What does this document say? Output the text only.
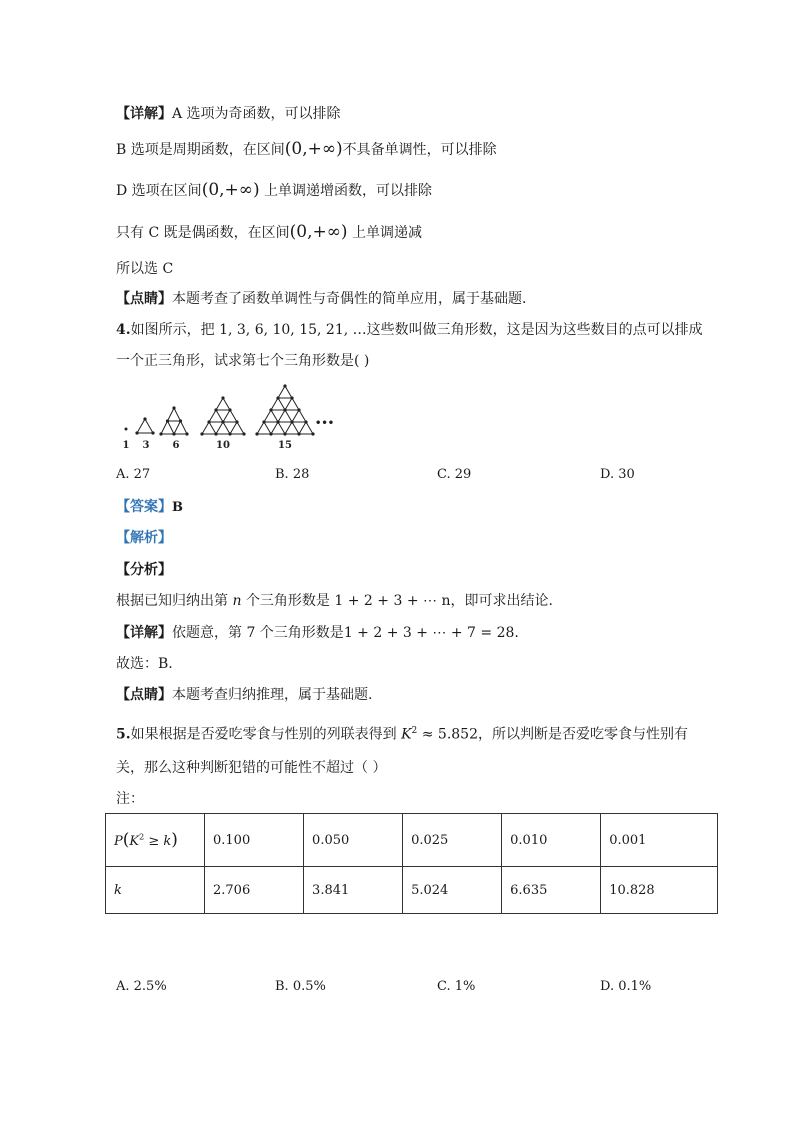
【详解】A 选项为奇函数，可以排除
B 选项是周期函数，在区间(0,+∞)不具备单调性，可以排除
D 选项在区间(0,+∞) 上单调递增函数，可以排除
只有 C 既是偶函数，在区间(0,+∞) 上单调递减
所以选 C
【点睛】本题考查了函数单调性与奇偶性的简单应用，属于基础题．
4.如图所示，把 1, 3, 6, 10, 15, 21, …这些数叫做三角形数，这是因为这些数目的点可以排成
一个正三角形，试求第七个三角形数是( )
•••
1 3 6	10	15
A. 27	B. 28	C. 29	D. 30
【答案】B
【解析】
【分析】
根据已知归纳出第 n 个三角形数是 1 + 2 + 3 + ⋯ n，即可求出结论.
【详解】依题意，第 7 个三角形数是1 + 2 + 3 + ⋯ + 7 = 28.
故选：B.
【点睛】本题考查归纳推理，属于基础题.
5.如果根据是否爱吃零食与性别的列联表得到 $K^2 \approx 5.852$，所以判断是否爱吃零食与性别有
关，那么这种判断犯错的可能性不超过（ ）
注：
$P(K^2 \ge k)$	0.100	0.050	0.025	0.010	0.001
k	2.706	3.841	5.024	6.635	10.828
A. 2.5%	B. 0.5%	C. 1%	D. 0.1%
